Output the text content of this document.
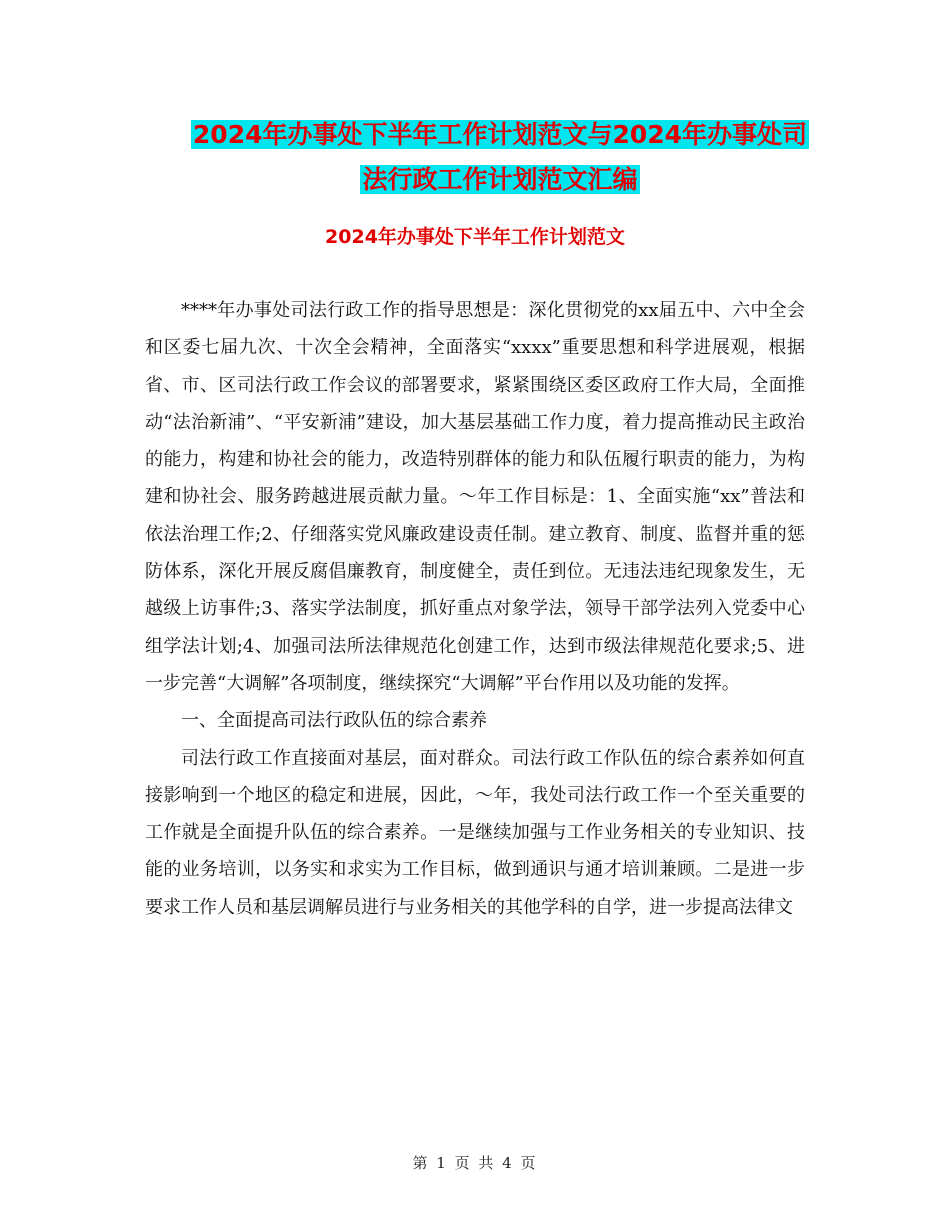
2024年办事处下半年工作计划范文与2024年办事处司
法行政工作计划范文汇编
2024年办事处下半年工作计划范文

****年办事处司法行政工作的指导思想是：深化贯彻党的xx届五中、六中全会和区委七届九次、十次全会精神，全面落实“xxxx”重要思想和科学进展观，根据省、市、区司法行政工作会议的部署要求，紧紧围绕区委区政府工作大局，全面推动“法治新浦”、“平安新浦”建设，加大基层基础工作力度，着力提高推动民主政治的能力，构建和协社会的能力，改造特别群体的能力和队伍履行职责的能力，为构建和协社会、服务跨越进展贡献力量。～年工作目标是：1、全面实施“xx”普法和依法治理工作;2、仔细落实党风廉政建设责任制。建立教育、制度、监督并重的惩防体系，深化开展反腐倡廉教育，制度健全，责任到位。无违法违纪现象发生，无越级上访事件;3、落实学法制度，抓好重点对象学法，领导干部学法列入党委中心组学法计划;4、加强司法所法律规范化创建工作，达到市级法律规范化要求;5、进一步完善“大调解”各项制度，继续探究“大调解”平台作用以及功能的发挥。

一、全面提高司法行政队伍的综合素养

司法行政工作直接面对基层，面对群众。司法行政工作队伍的综合素养如何直接影响到一个地区的稳定和进展，因此，～年，我处司法行政工作一个至关重要的工作就是全面提升队伍的综合素养。一是继续加强与工作业务相关的专业知识、技能的业务培训，以务实和求实为工作目标，做到通识与通才培训兼顾。二是进一步要求工作人员和基层调解员进行与业务相关的其他学科的自学，进一步提高法律文

第 1 页 共 4 页
